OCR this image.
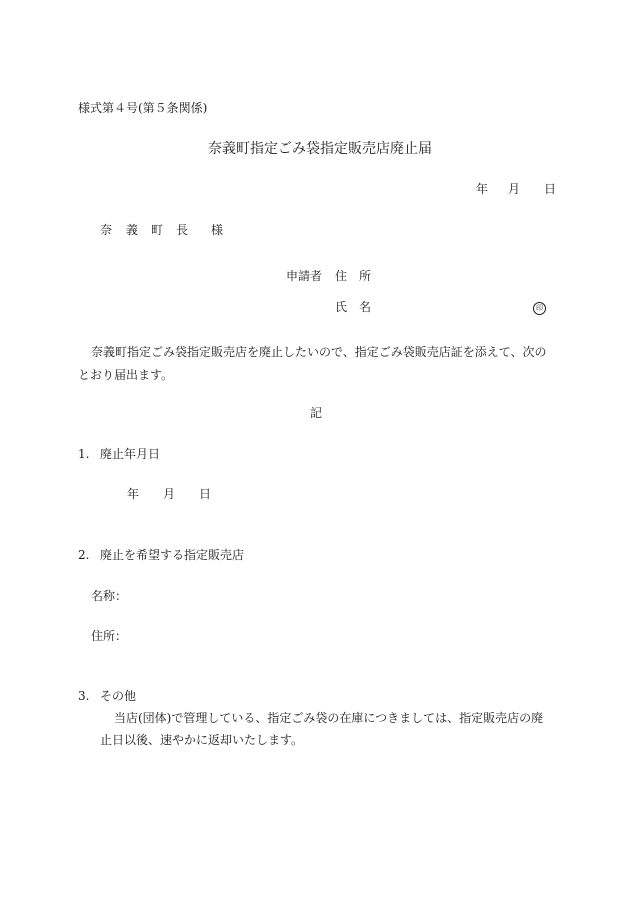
様式第４号(第５条関係)
奈義町指定ごみ袋指定販売店廃止届
年 月 日
奈 義 町 長 様
申請者 住　所
氏　名	印
奈義町指定ごみ袋指定販売店を廃止したいので、指定ごみ袋販売店証を添えて、次の
とおり届出ます。
記
1. 廃止年月日
年 月 日
2. 廃止を希望する指定販売店
名称：
住所：
3. その他
当店(団体)で管理している、指定ごみ袋の在庫につきましては、指定販売店の廃
止日以後、速やかに返却いたします。
